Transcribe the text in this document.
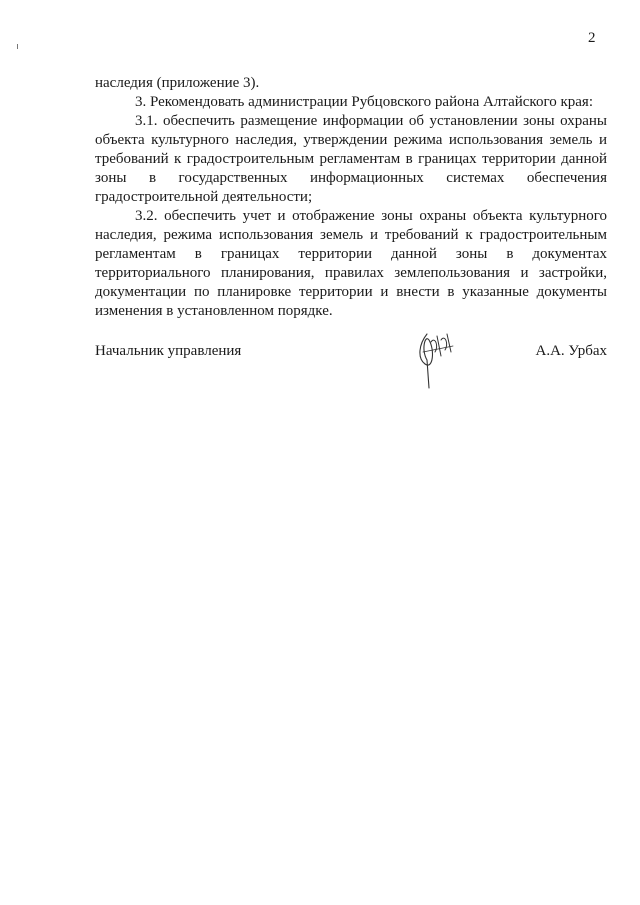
2

наследия (приложение 3).

3. Рекомендовать администрации Рубцовского района Алтайского края:

3.1. обеспечить размещение информации об установлении зоны охраны объекта культурного наследия, утверждении режима использования земель и требований к градостроительным регламентам в границах территории данной зоны в государственных информационных системах обеспечения градостроительной деятельности;

3.2. обеспечить учет и отображение зоны охраны объекта культурного наследия, режима использования земель и требований к градостроительным регламентам в границах территории данной зоны в документах территориального планирования, правилах землепользования и застройки, документации по планировке территории и внести в указанные документы изменения в установленном порядке.

Начальник управления	А.А. Урбах
